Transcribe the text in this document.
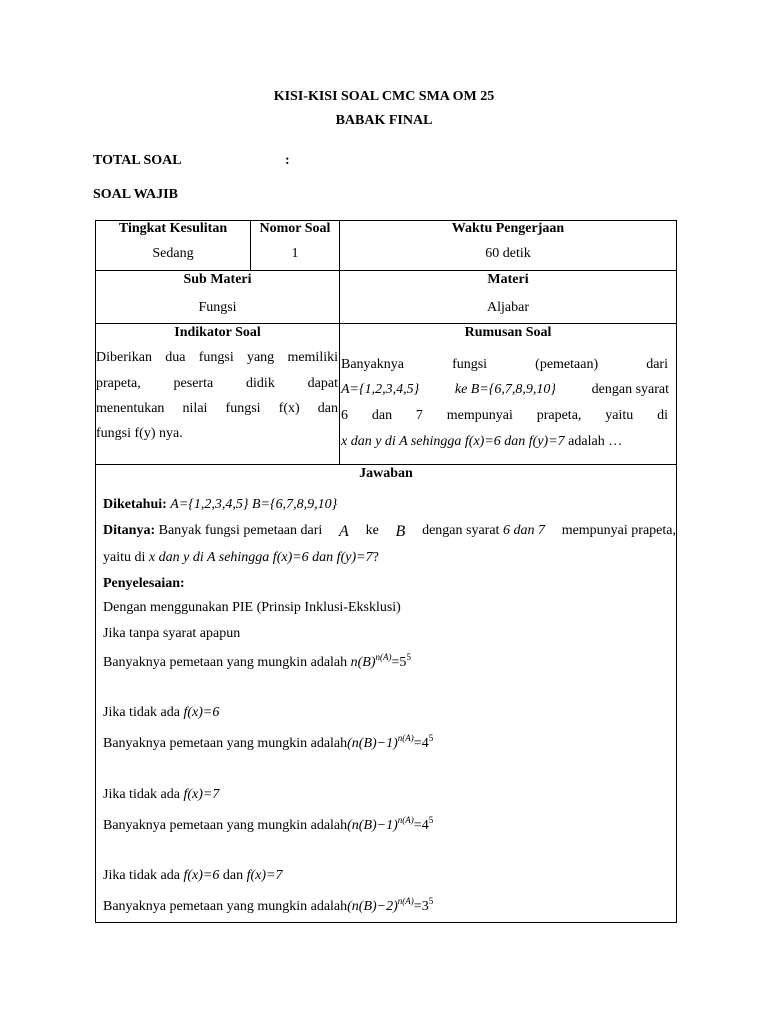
KISI-KISI SOAL CMC SMA OM 25
BABAK FINAL
TOTAL SOAL	:
SOAL WAJIB
Tingkat Kesulitan	Nomor Soal	Waktu Pengerjaan
Sedang	1	60 detik
Sub Materi	Materi
Fungsi	Aljabar
Indikator Soal	Rumusan Soal
Diberikan dua fungsi yang memiliki
prapeta, peserta didik dapat
menentukan nilai fungsi f(x) dan
fungsi f(y) nya.
Banyaknya fungsi (pemetaan) dari
A={1,2,3,4,5}	ke B={6,7,8,9,10}	dengan syarat
6 dan 7 mempunyai prapeta, yaitu di
x dan y di A sehingga f(x)=6 dan f(y)=7 adalah …
Jawaban
Diketahui: A={1,2,3,4,5} B={6,7,8,9,10}
Ditanya: Banyak fungsi pemetaan dari A ke B dengan syarat 6 dan 7 mempunyai prapeta,
yaitu di x dan y di A sehingga f(x)=6 dan f(y)=7?
Penyelesaian:
Dengan menggunakan PIE (Prinsip Inklusi-Eksklusi)
Jika tanpa syarat apapun
Banyaknya pemetaan yang mungkin adalah $n(B)^{n(A)}=5^5$
Jika tidak ada f(x)=6
Banyaknya pemetaan yang mungkin $adalah(n(B)-1)^{n(A)}=4^5$
Jika tidak ada f(x)=7
Banyaknya pemetaan yang mungkin $adalah(n(B)-1)^{n(A)}=4^5$
Jika tidak ada f(x)=6 dan f(x)=7
Banyaknya pemetaan yang mungkin $adalah(n(B)-2)^{n(A)}=3^5$
